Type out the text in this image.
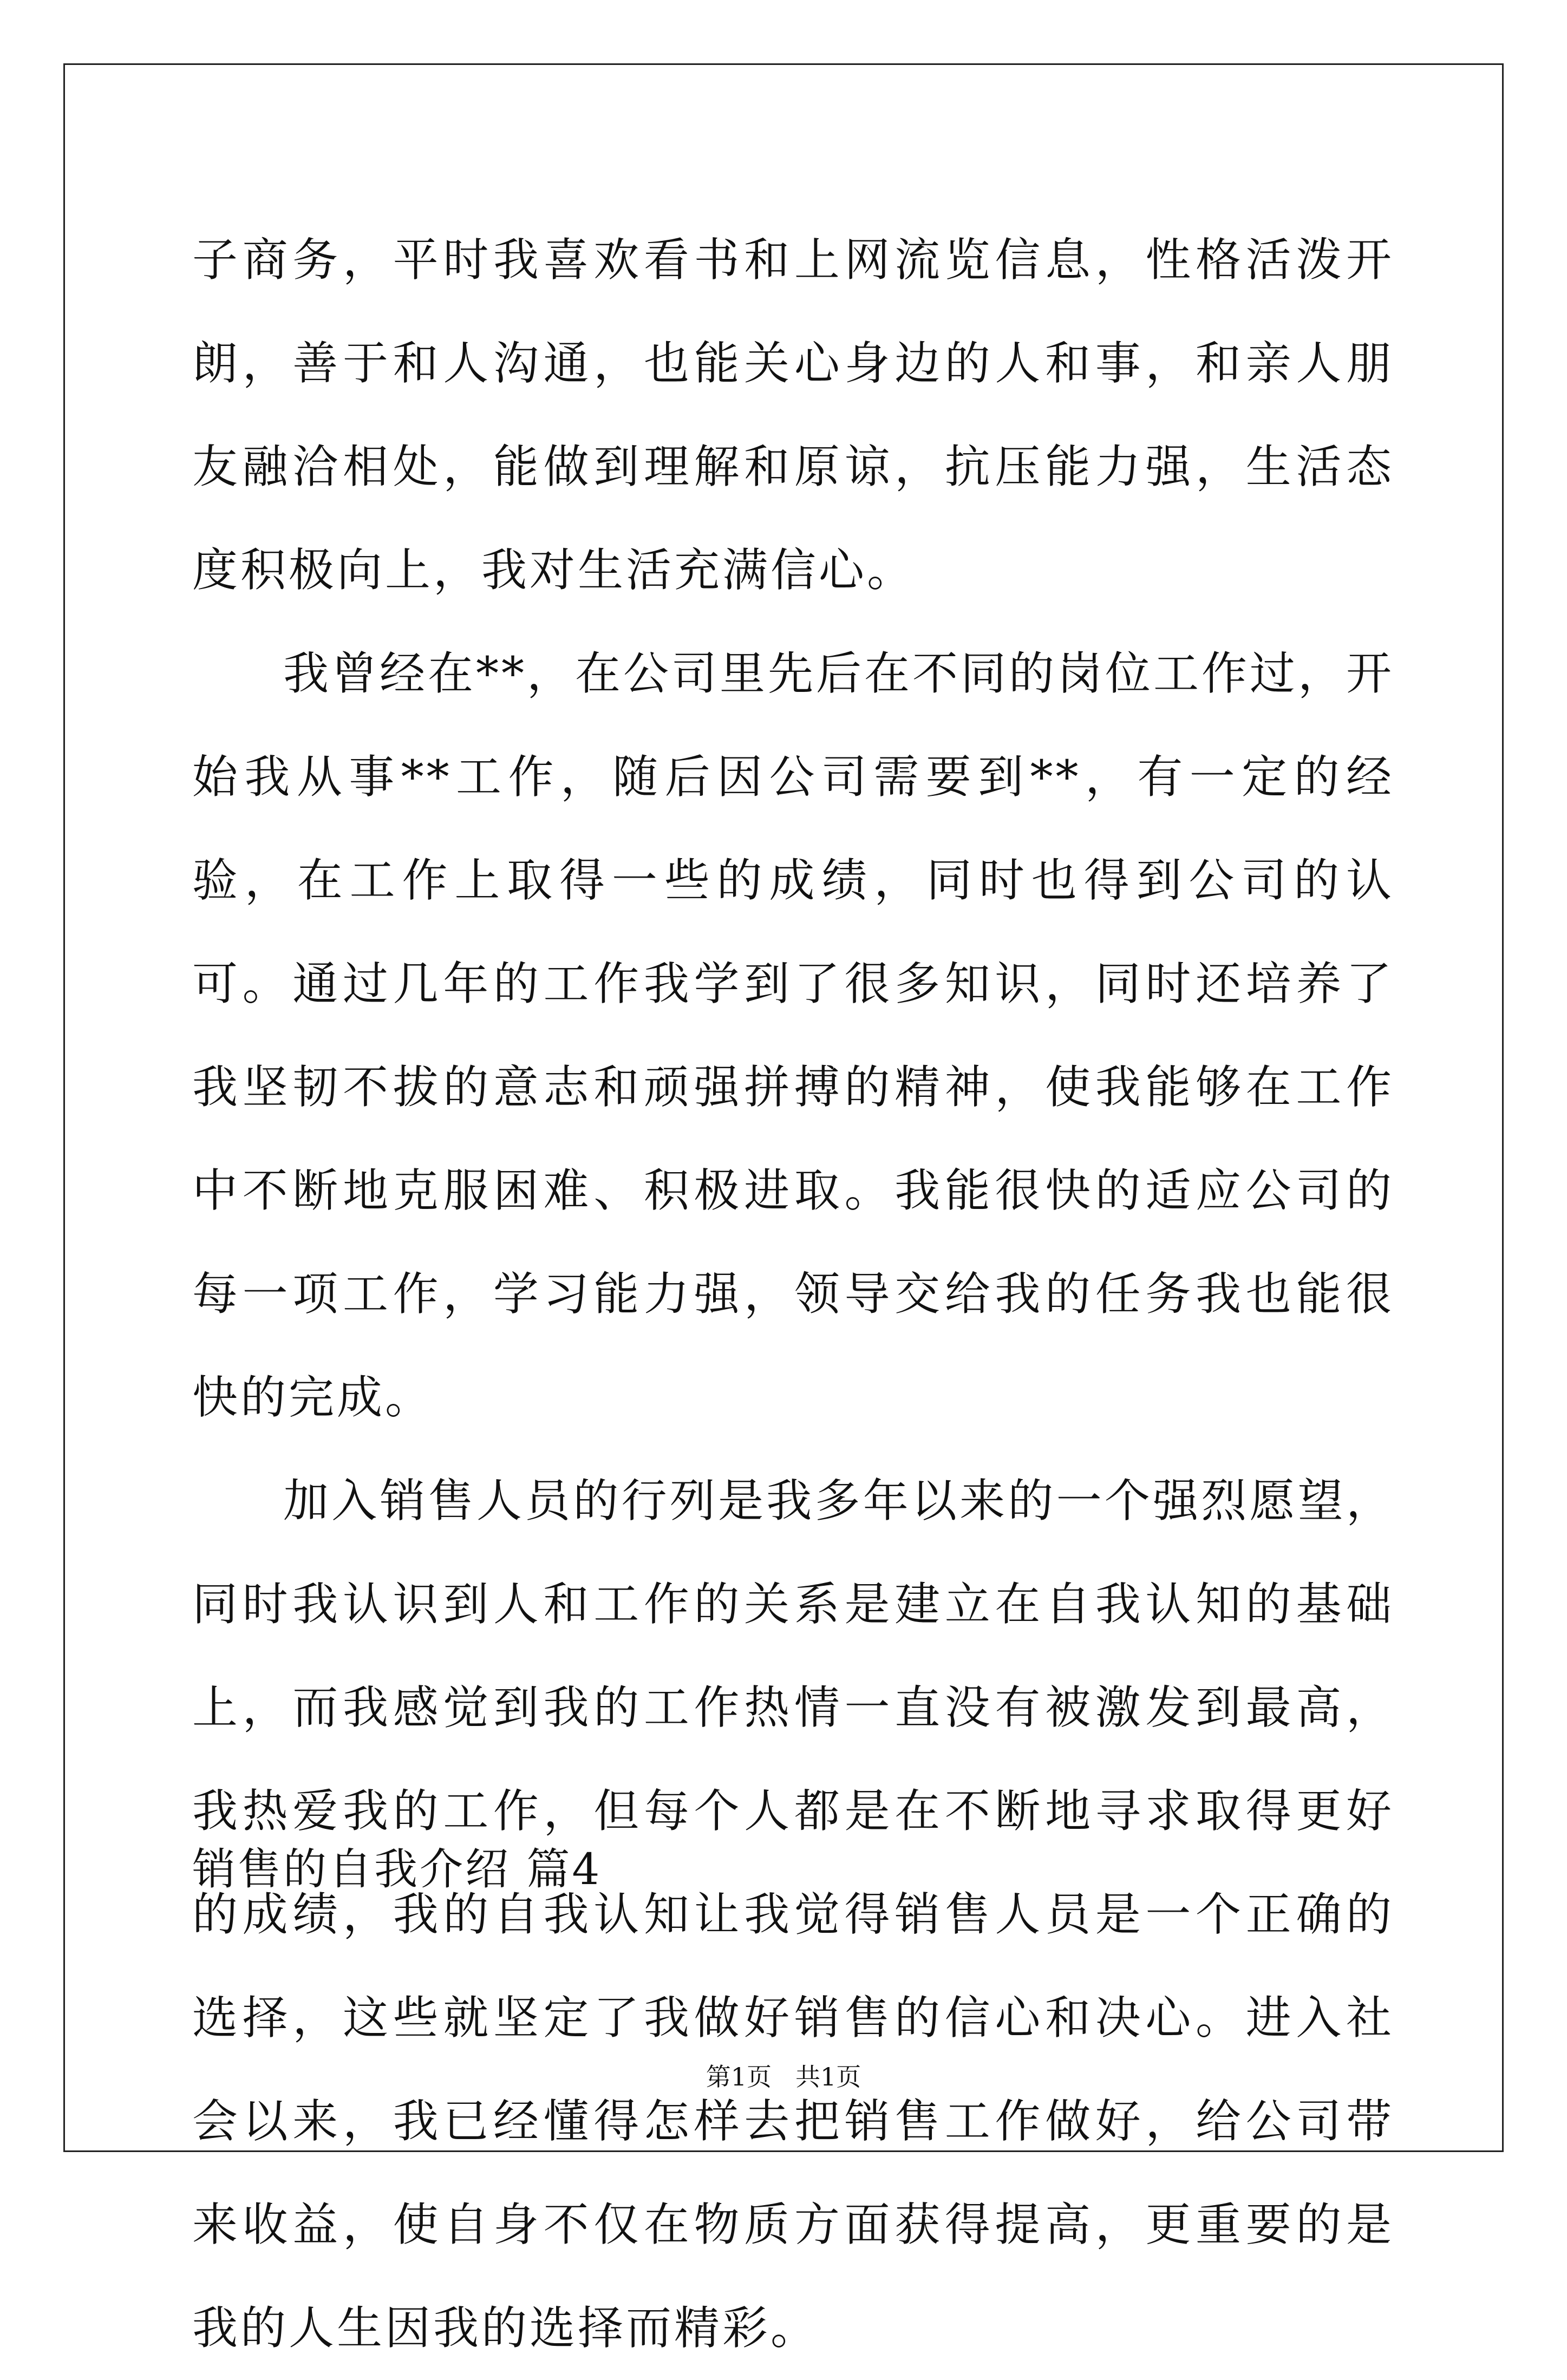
子商务，平时我喜欢看书和上网流览信息，性格活泼开朗，善于和人沟通，也能关心身边的人和事，和亲人朋友融洽相处，能做到理解和原谅，抗压能力强，生活态度积极向上，我对生活充满信心。

我曾经在**，在公司里先后在不同的岗位工作过，开始我从事**工作，随后因公司需要到**，有一定的经验，在工作上取得一些的成绩，同时也得到公司的认可。通过几年的工作我学到了很多知识，同时还培养了我坚韧不拔的意志和顽强拼搏的精神，使我能够在工作中不断地克服困难、积极进取。我能很快的适应公司的每一项工作，学习能力强，领导交给我的任务我也能很快的完成。

加入销售人员的行列是我多年以来的一个强烈愿望，同时我认识到人和工作的关系是建立在自我认知的基础上，而我感觉到我的工作热情一直没有被激发到最高，我热爱我的工作，但每个人都是在不断地寻求取得更好的成绩，我的自我认知让我觉得销售人员是一个正确的选择，这些就坚定了我做好销售的信心和决心。进入社会以来，我已经懂得怎样去把销售工作做好，给公司带来收益，使自身不仅在物质方面获得提高，更重要的是我的人生因我的选择而精彩。

销售的自我介绍 篇4
第1页 共1页
